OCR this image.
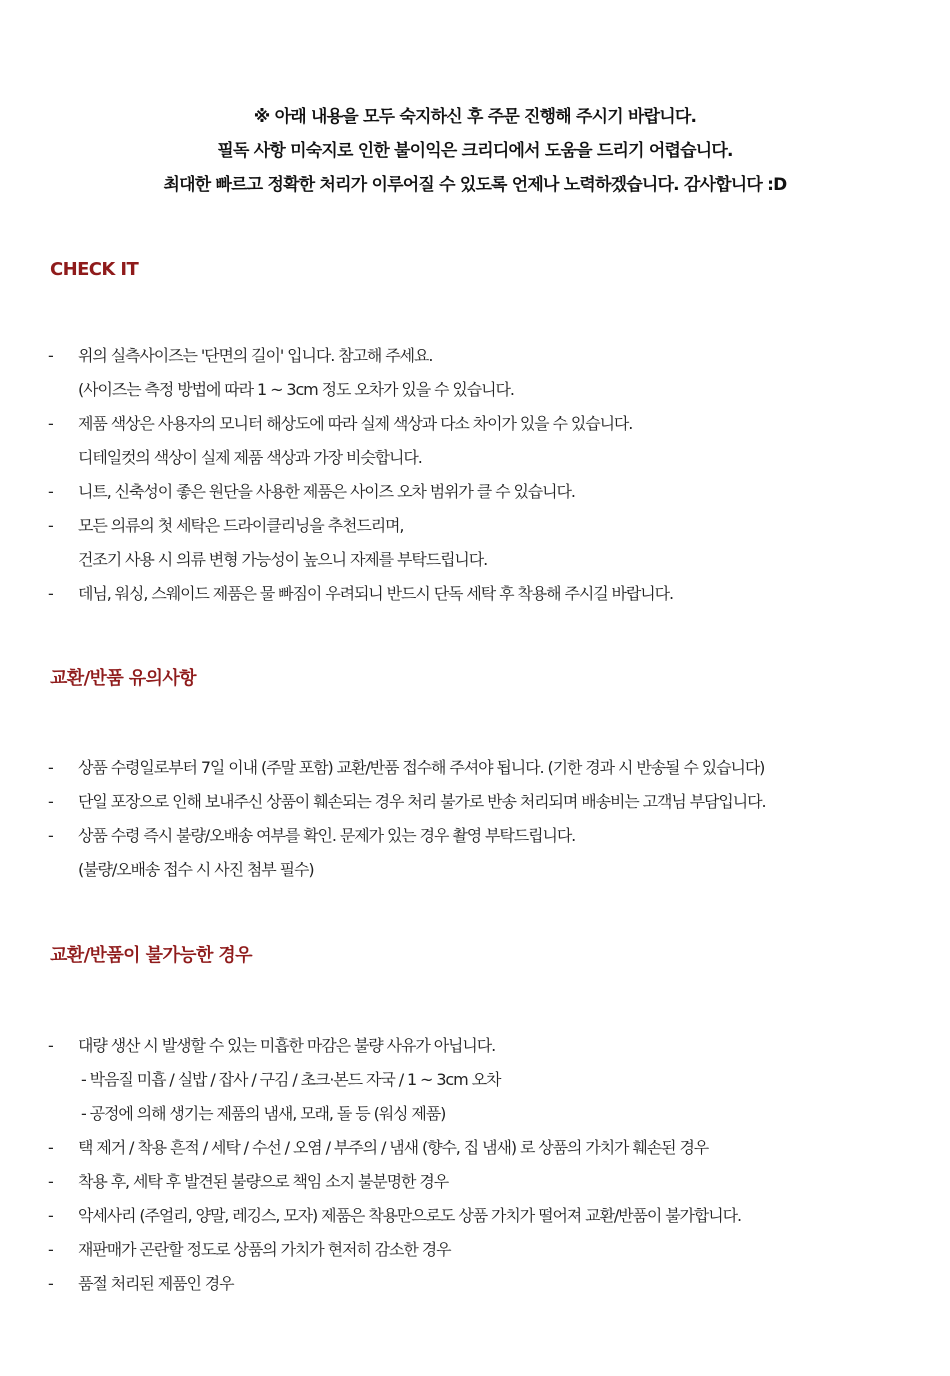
※ 아래 내용을 모두 숙지하신 후 주문 진행해 주시기 바랍니다.
필독 사항 미숙지로 인한 불이익은 크리디에서 도움을 드리기 어렵습니다.
최대한 빠르고 정확한 처리가 이루어질 수 있도록 언제나 노력하겠습니다. 감사합니다 :D
CHECK IT
-	위의 실측사이즈는 '단면의 길이' 입니다. 참고해 주세요.
(사이즈는 측정 방법에 따라 1 ~ 3cm 정도 오차가 있을 수 있습니다.
-	제품 색상은 사용자의 모니터 해상도에 따라 실제 색상과 다소 차이가 있을 수 있습니다.
디테일컷의 색상이 실제 제품 색상과 가장 비슷합니다.
-	니트, 신축성이 좋은 원단을 사용한 제품은 사이즈 오차 범위가 클 수 있습니다.
-	모든 의류의 첫 세탁은 드라이클리닝을 추천드리며,
건조기 사용 시 의류 변형 가능성이 높으니 자제를 부탁드립니다.
-	데님, 워싱, 스웨이드 제품은 물 빠짐이 우려되니 반드시 단독 세탁 후 착용해 주시길 바랍니다.
교환/반품 유의사항
-	상품 수령일로부터 7일 이내 (주말 포함) 교환/반품 접수해 주셔야 됩니다. (기한 경과 시 반송될 수 있습니다)
-	단일 포장으로 인해 보내주신 상품이 훼손되는 경우 처리 불가로 반송 처리되며 배송비는 고객님 부담입니다.
-	상품 수령 즉시 불량/오배송 여부를 확인. 문제가 있는 경우 촬영 부탁드립니다.
(불량/오배송 접수 시 사진 첨부 필수)
교환/반품이 불가능한 경우
-	대량 생산 시 발생할 수 있는 미흡한 마감은 불량 사유가 아닙니다.
- 박음질 미흡 / 실밥 / 잡사 / 구김 / 초크·본드 자국 / 1 ~ 3cm 오차
- 공정에 의해 생기는 제품의 냄새, 모래, 돌 등 (워싱 제품)
-	택 제거 / 착용 흔적 / 세탁 / 수선 / 오염 / 부주의 / 냄새 (향수, 집 냄새) 로 상품의 가치가 훼손된 경우
-	착용 후, 세탁 후 발견된 불량으로 책임 소지 불분명한 경우
-	악세사리 (주얼리, 양말, 레깅스, 모자) 제품은 착용만으로도 상품 가치가 떨어져 교환/반품이 불가합니다.
-	재판매가 곤란할 정도로 상품의 가치가 현저히 감소한 경우
-	품절 처리된 제품인 경우
